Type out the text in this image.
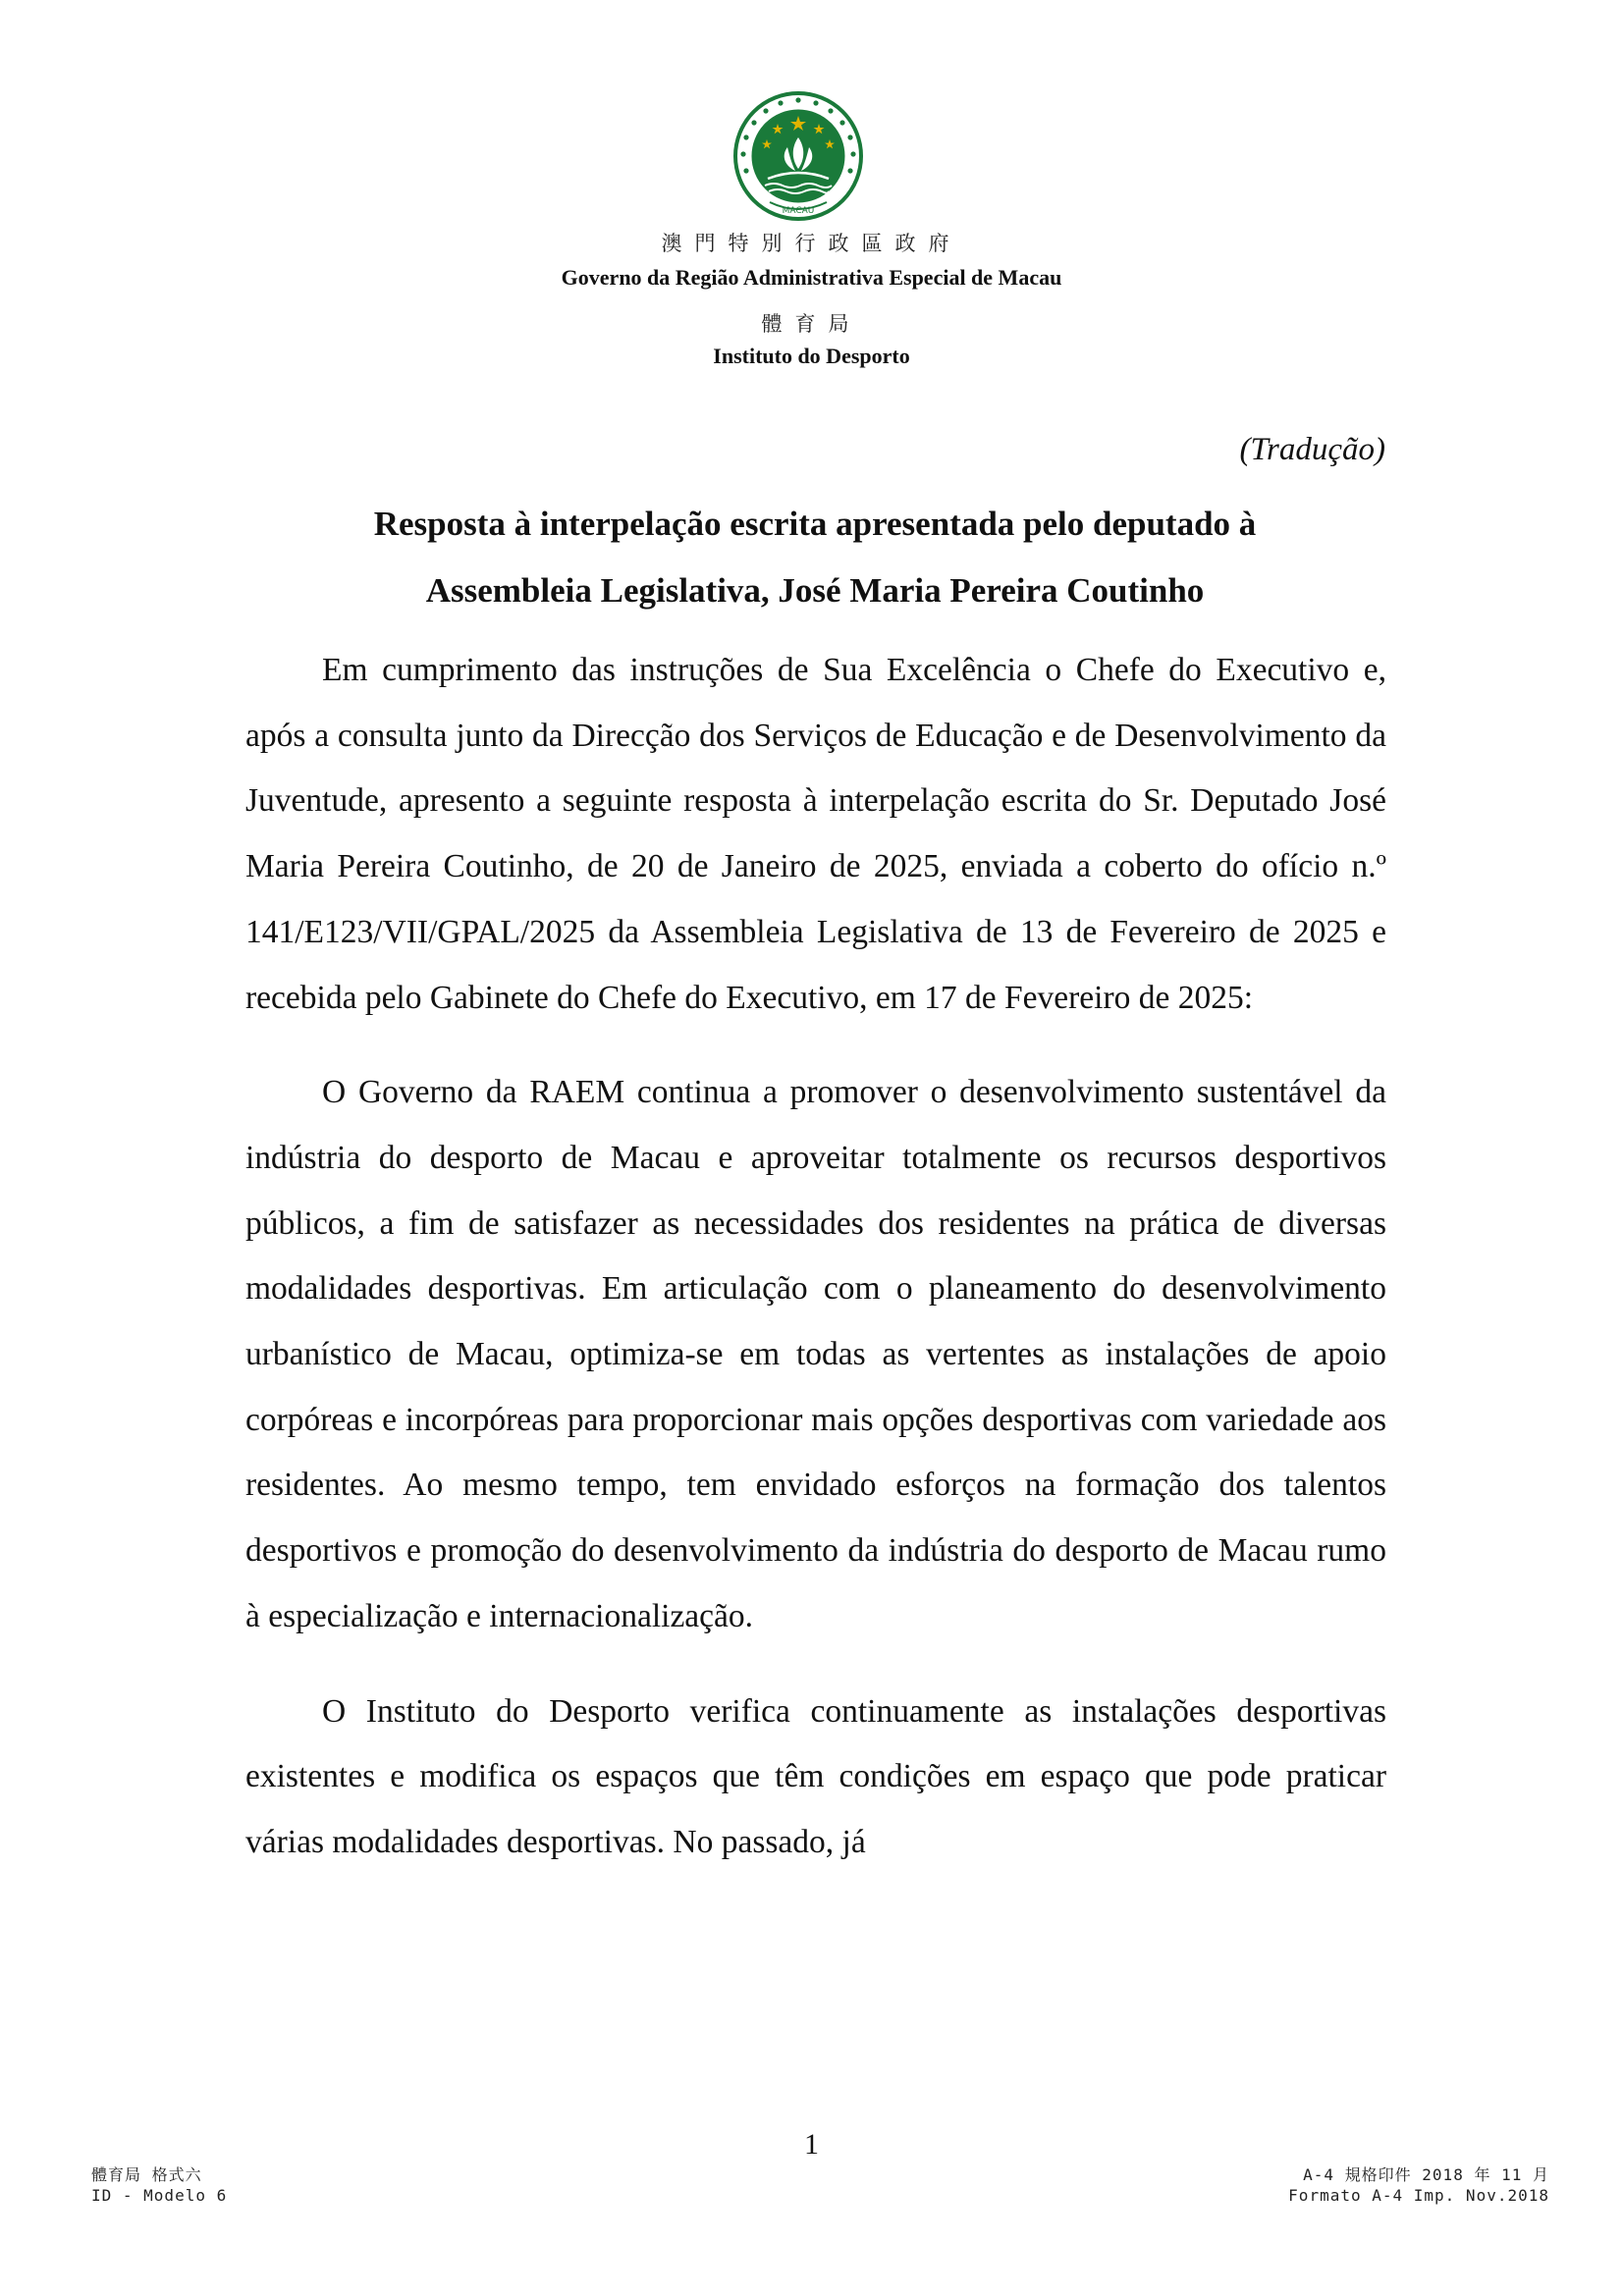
MACAU
澳門特別行政區政府
Governo da Região Administrativa Especial de Macau
體育局
Instituto do Desporto
(Tradução)
Resposta à interpelação escrita apresentada pelo deputado à
Assembleia Legislativa, José Maria Pereira Coutinho

Em cumprimento das instruções de Sua Excelência o Chefe do Executivo e, após a consulta junto da Direcção dos Serviços de Educação e de Desenvolvimento da Juventude, apresento a seguinte resposta à interpelação escrita do Sr. Deputado José Maria Pereira Coutinho, de 20 de Janeiro de 2025, enviada a coberto do ofício n.º 141/E123/VII/GPAL/2025 da Assembleia Legislativa de 13 de Fevereiro de 2025 e recebida pelo Gabinete do Chefe do Executivo, em 17 de Fevereiro de 2025:

O Governo da RAEM continua a promover o desenvolvimento sustentável da indústria do desporto de Macau e aproveitar totalmente os recursos desportivos públicos, a fim de satisfazer as necessidades dos residentes na prática de diversas modalidades desportivas. Em articulação com o planeamento do desenvolvimento urbanístico de Macau, optimiza-se em todas as vertentes as instalações de apoio corpóreas e incorpóreas para proporcionar mais opções desportivas com variedade aos residentes. Ao mesmo tempo, tem envidado esforços na formação dos talentos desportivos e promoção do desenvolvimento da indústria do desporto de Macau rumo à especialização e internacionalização.

O Instituto do Desporto verifica continuamente as instalações desportivas existentes e modifica os espaços que têm condições em espaço que pode praticar várias modalidades desportivas. No passado, já

1
體育局 格式六
ID - Modelo 6
A-4 規格印件 2018 年 11 月
Formato A-4 Imp. Nov.2018
